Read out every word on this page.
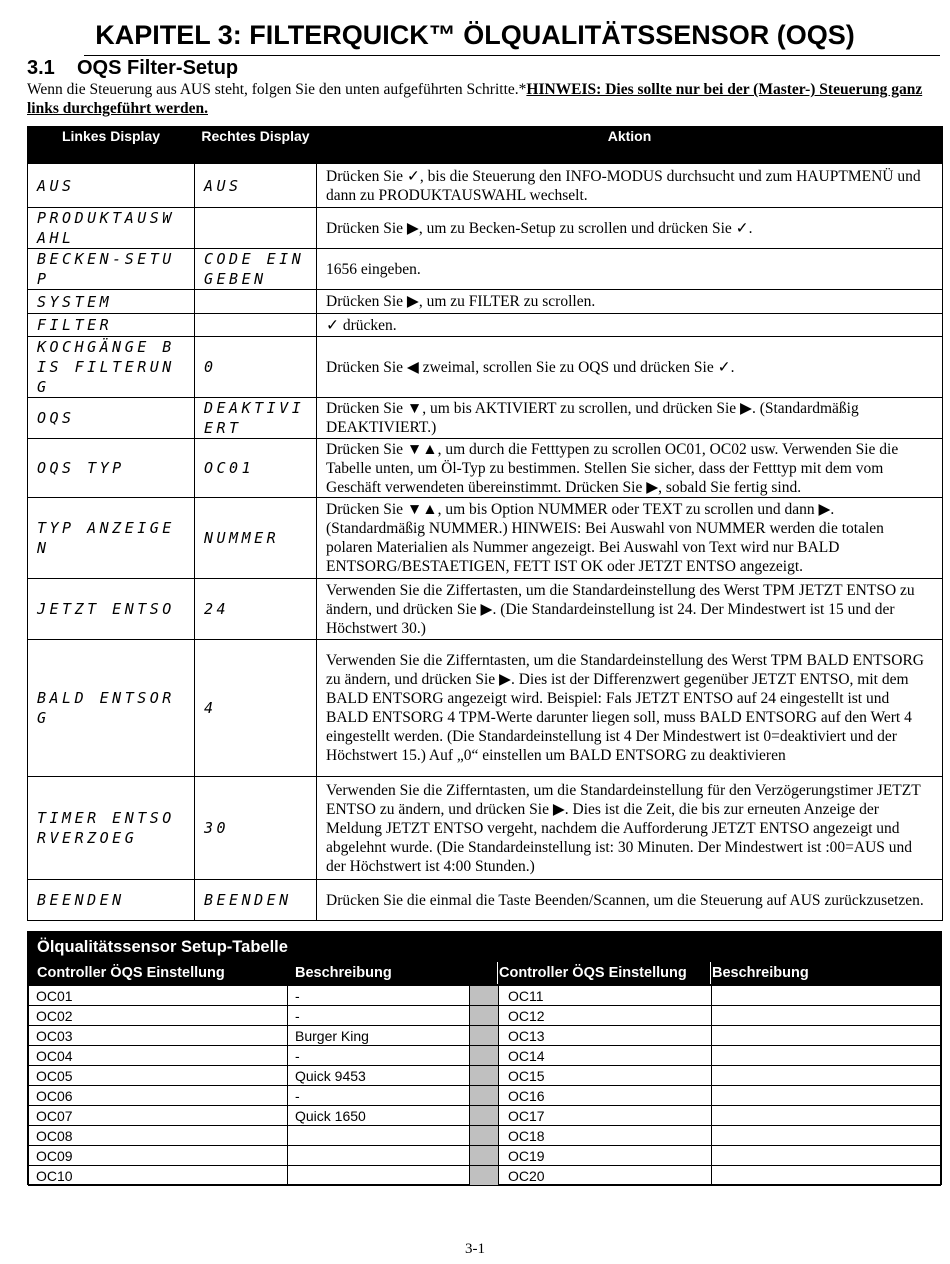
KAPITEL 3: FILTERQUICK™ ÖLQUALITÄTSSENSOR (OQS)
3.1 OQS Filter-Setup
Wenn die Steuerung aus AUS steht, folgen Sie den unten aufgeführten Schritte.*HINWEIS: Dies sollte nur bei der (Master-) Steuerung ganz links durchgeführt werden.
Linkes Display	Rechtes Display	Aktion
AUS	AUS	Drücken Sie ✓, bis die Steuerung den INFO-MODUS durchsucht und zum HAUPTMENÜ und dann zu PRODUKTAUSWAHL wechselt.
PRODUKTAUSWAHL		Drücken Sie ▶, um zu Becken-Setup zu scrollen und drücken Sie ✓.
BECKEN-SETUP	CODE EINGEBEN	1656 eingeben.
SYSTEM		Drücken Sie ▶, um zu FILTER zu scrollen.
FILTER		✓ drücken.
KOCHGÄNGE BIS FILTERUNG	0	Drücken Sie ◀ zweimal, scrollen Sie zu OQS und drücken Sie ✓.
OQS	DEAKTIVIERT	Drücken Sie ▼, um bis AKTIVIERT zu scrollen, und drücken Sie ▶. (Standardmäßig DEAKTIVIERT.)
OQS TYP	OC01	Drücken Sie ▼▲, um durch die Fetttypen zu scrollen OC01, OC02 usw. Verwenden Sie die Tabelle unten, um Öl-Typ zu bestimmen. Stellen Sie sicher, dass der Fetttyp mit dem vom Geschäft verwendeten übereinstimmt. Drücken Sie ▶, sobald Sie fertig sind.
TYP ANZEIGEN	NUMMER	Drücken Sie ▼▲, um bis Option NUMMER oder TEXT zu scrollen und dann ▶. (Standardmäßig NUMMER.) HINWEIS: Bei Auswahl von NUMMER werden die totalen polaren Materialien als Nummer angezeigt. Bei Auswahl von Text wird nur BALD ENTSORG/BESTAETIGEN, FETT IST OK oder JETZT ENTSO angezeigt.
JETZT ENTSO	24	Verwenden Sie die Ziffertasten, um die Standardeinstellung des Werst TPM JETZT ENTSO zu ändern, und drücken Sie ▶. (Die Standardeinstellung ist 24. Der Mindestwert ist 15 und der Höchstwert 30.)
BALD ENTSORG	4	Verwenden Sie die Zifferntasten, um die Standardeinstellung des Werst TPM BALD ENTSORG zu ändern, und drücken Sie ▶. Dies ist der Differenzwert gegenüber JETZT ENTSO, mit dem BALD ENTSORG angezeigt wird. Beispiel: Fals JETZT ENTSO auf 24 eingestellt ist und BALD ENTSORG 4 TPM-Werte darunter liegen soll, muss BALD ENTSORG auf den Wert 4 eingestellt werden. (Die Standardeinstellung ist 4 Der Mindestwert ist 0=deaktiviert und der Höchstwert 15.) Auf „0“ einstellen um BALD ENTSORG zu deaktivieren
TIMER ENTSORVERZOEG	30	Verwenden Sie die Zifferntasten, um die Standardeinstellung für den Verzögerungstimer JETZT ENTSO zu ändern, und drücken Sie ▶. Dies ist die Zeit, die bis zur erneuten Anzeige der Meldung JETZT ENTSO vergeht, nachdem die Aufforderung JETZT ENTSO angezeigt und abgelehnt wurde. (Die Standardeinstellung ist: 30 Minuten. Der Mindestwert ist :00=AUS und der Höchstwert ist 4:00 Stunden.)
BEENDEN	BEENDEN	Drücken Sie die einmal die Taste Beenden/Scannen, um die Steuerung auf AUS zurückzusetzen.
Ölqualitätssensor Setup-Tabelle
Controller ÖQS Einstellung	Beschreibung	Controller ÖQS Einstellung Beschreibung
OC01	-		OC11	
OC02	-		OC12	
OC03	Burger King		OC13	
OC04	-		OC14	
OC05	Quick 9453		OC15	
OC06	-		OC16	
OC07	Quick 1650		OC17	
OC08			OC18	
OC09			OC19	
OC10			OC20	
3-1
